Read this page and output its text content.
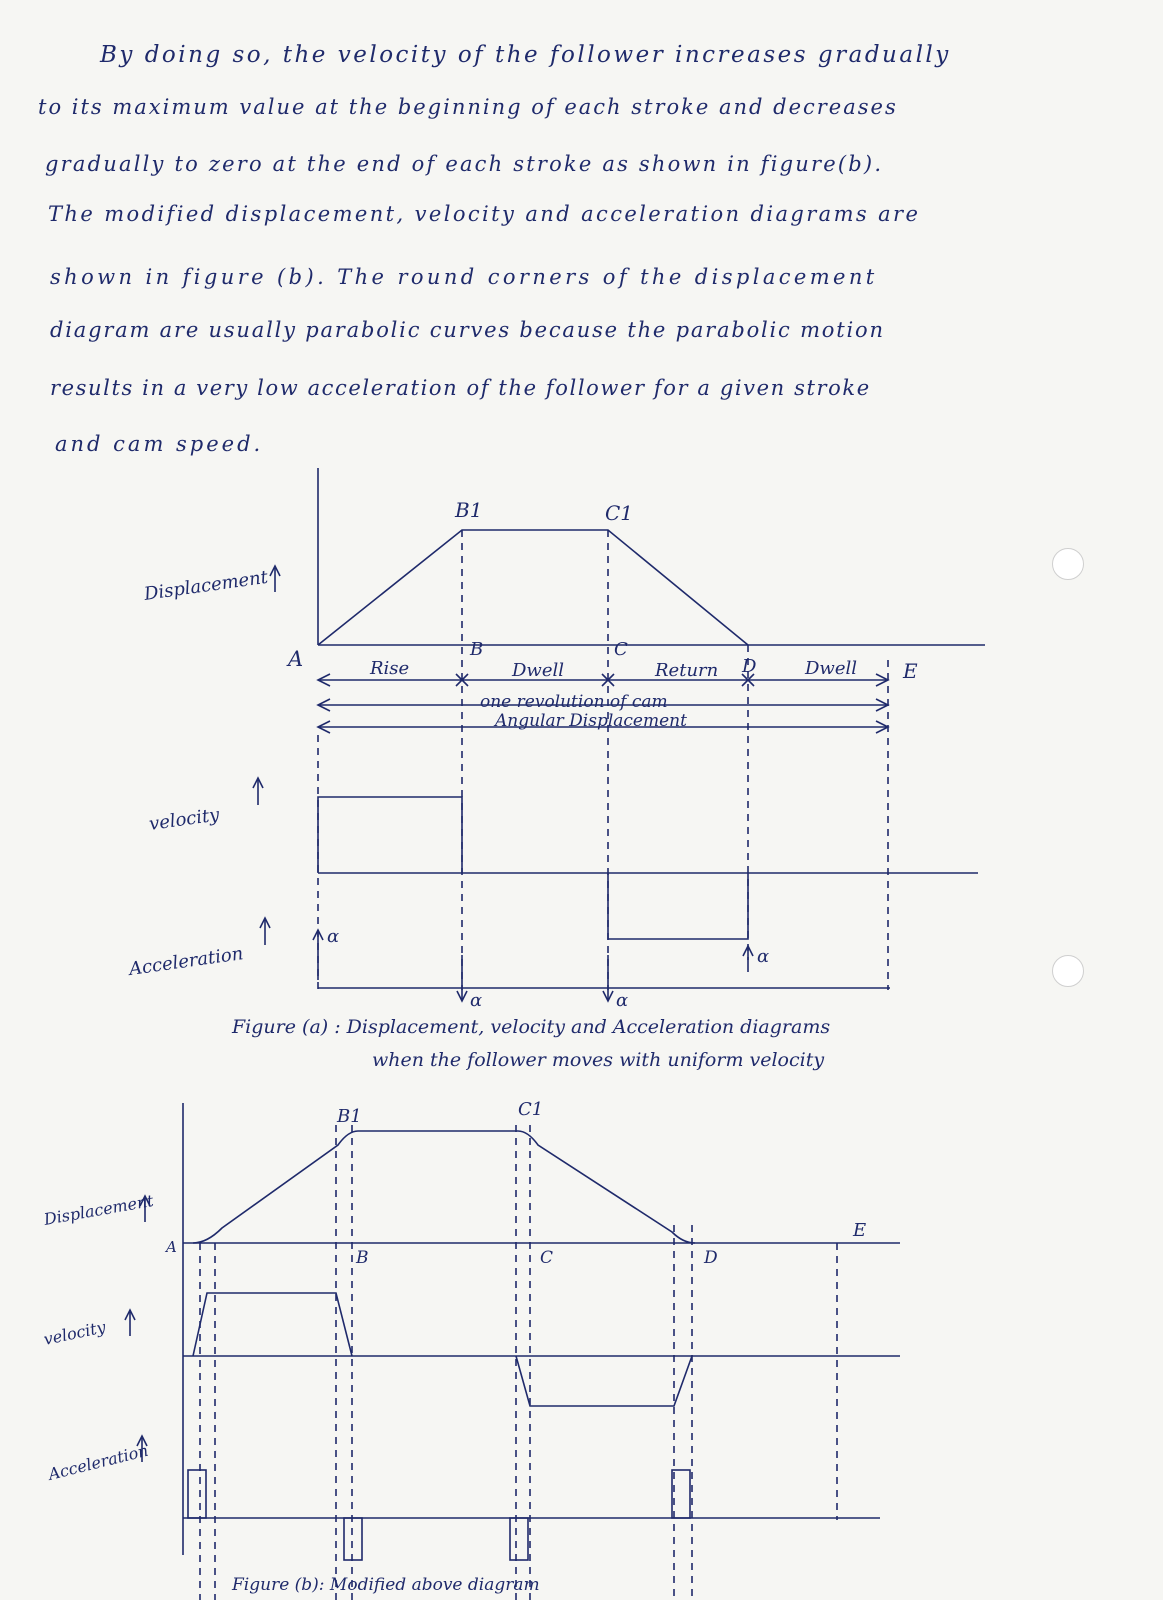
By doing so, the velocity of the follower increases gradually
to its maximum value at the beginning of each stroke and decreases
gradually to zero at the end of each stroke as shown in figure(b).
The modified displacement, velocity and acceleration diagrams are
shown in figure (b). The round corners of the displacement
diagram are usually parabolic curves because the parabolic motion
results in a very low acceleration of the follower for a given stroke
and cam speed.
Displacement
velocity
Acceleration
A
B1	C1
B	C
D	E
Rise	Dwell	Return	Dwell
one revolution of cam
Angular Displacement
α
α	α
α
Figure (a) : Displacement, velocity and Acceleration diagrams
when the follower moves with uniform velocity
Displacement
velocity
Acceleration
A
B1	C1
B	C	D
E
Figure (b): Modified above diagram
